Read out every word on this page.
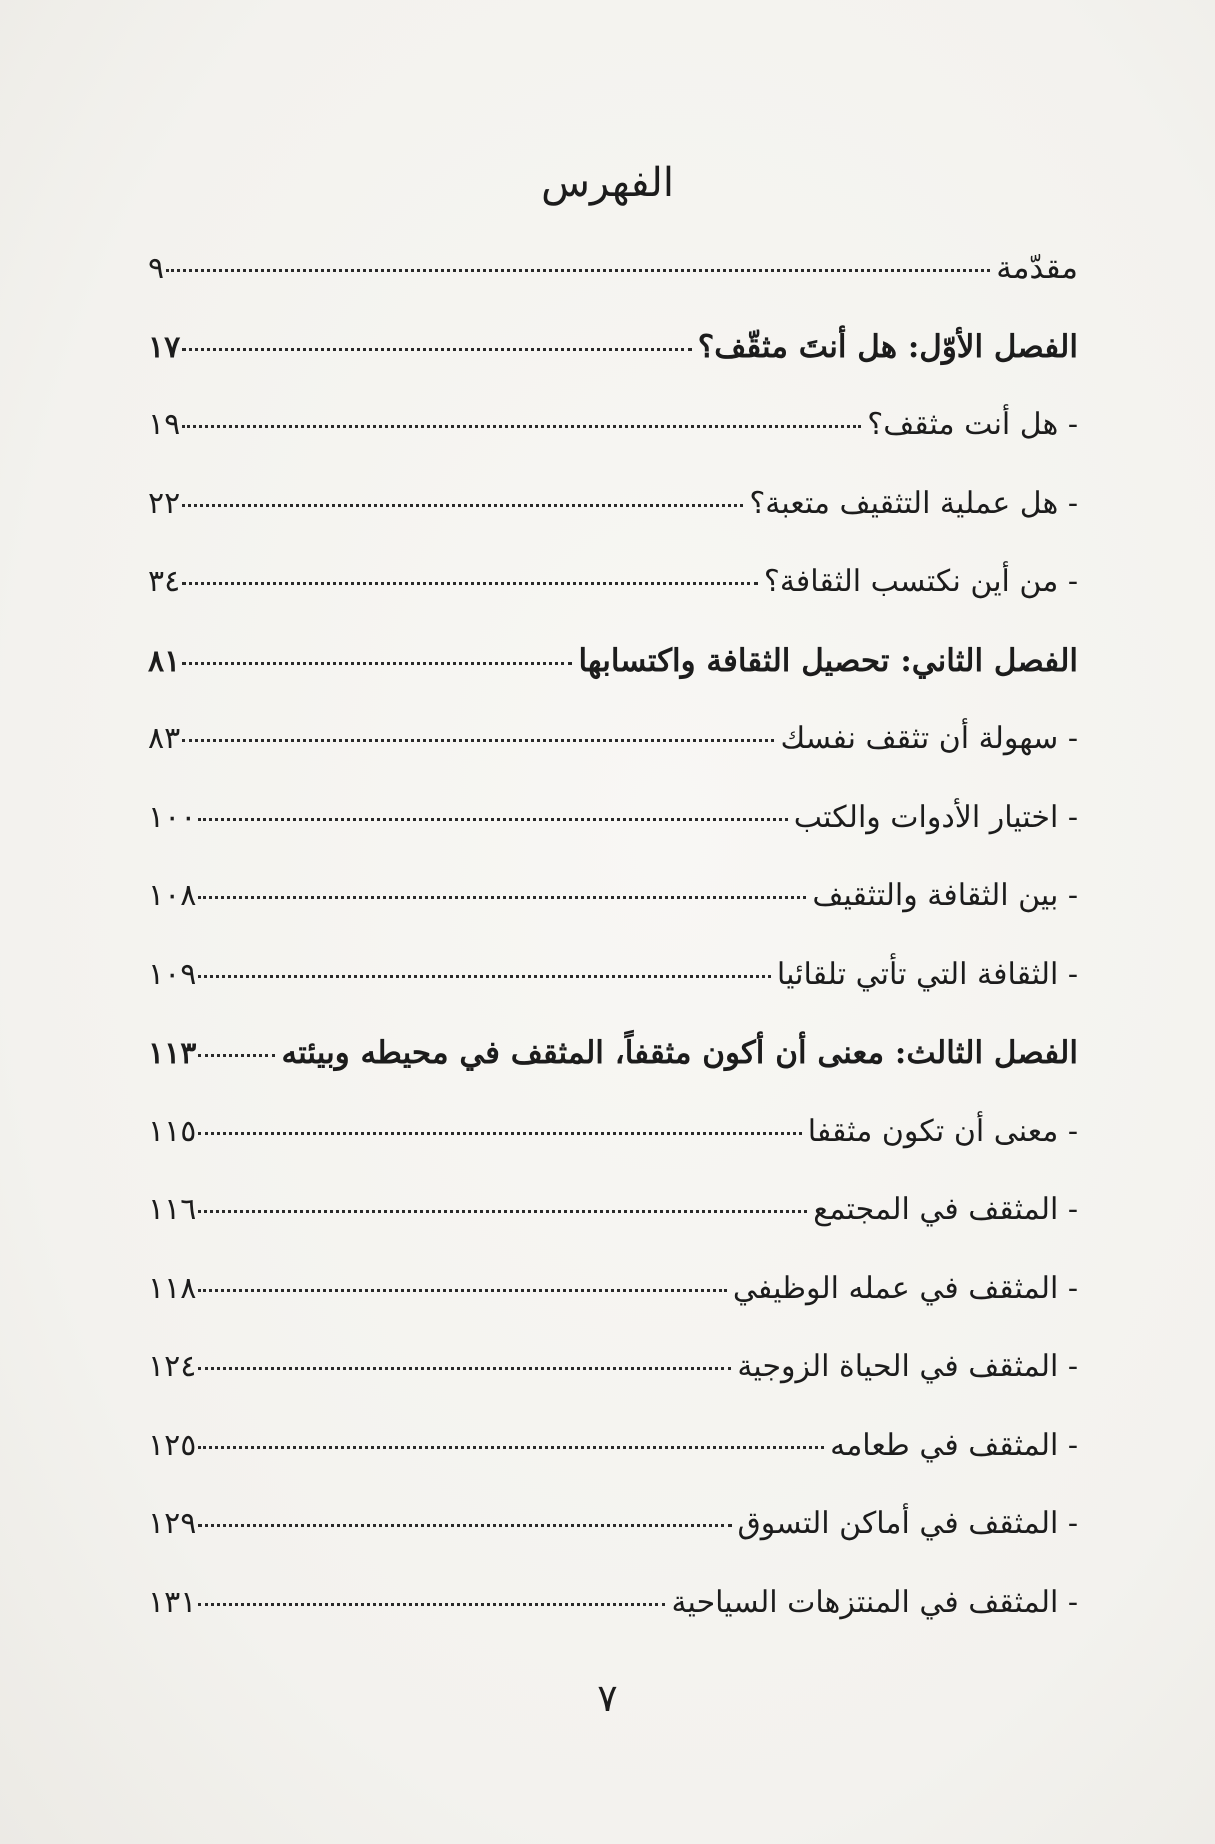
الفهرس
مقدّمة
٩
الفصل الأوّل: هل أنتَ مثقّف؟
١٧
- هل أنت مثقف؟
١٩
- هل عملية التثقيف متعبة؟
٢٢
- من أين نكتسب الثقافة؟
٣٤
الفصل الثاني: تحصيل الثقافة واكتسابها
٨١
- سهولة أن تثقف نفسك
٨٣
- اختيار الأدوات والكتب
١٠٠
- بين الثقافة والتثقيف
١٠٨
- الثقافة التي تأتي تلقائيا
١٠٩
الفصل الثالث: معنى أن أكون مثقفاً، المثقف في محيطه وبيئته
١١٣
- معنى أن تكون مثقفا
١١٥
- المثقف في المجتمع
١١٦
- المثقف في عمله الوظيفي
١١٨
- المثقف في الحياة الزوجية
١٢٤
- المثقف في طعامه
١٢٥
- المثقف في أماكن التسوق
١٢٩
- المثقف في المنتزهات السياحية
١٣١
٧
